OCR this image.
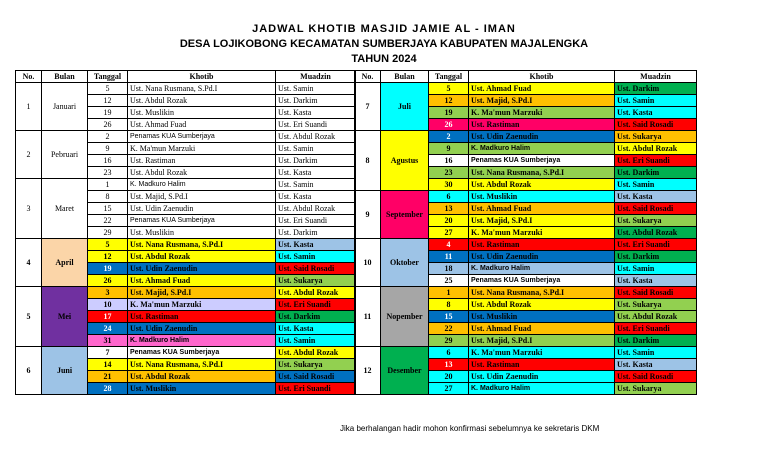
JADWAL KHOTIB MASJID JAMIE AL - IMAN
DESA LOJIKOBONG KECAMATAN SUMBERJAYA KABUPATEN MAJALENGKA
TAHUN 2024
No.	Bulan	Tanggal	Khotib	Muadzin
1	Januari	5	Ust. Nana Rusmana, S.Pd.I	Ust. Samin
		12	Ust. Abdul Rozak	Ust. Darkim
		19	Ust. Muslikin	Ust. Kasta
		26	Ust. Ahmad Fuad	Ust. Eri Suandi
2	Pebruari	2	Penamas KUA Sumberjaya	Ust. Abdul Rozak
		9	K. Ma'mun Marzuki	Ust. Samin
		16	Ust. Rastiman	Ust. Darkim
		23	Ust. Abdul Rozak	Ust. Kasta
3	Maret	1	K. Madkuro Halim	Ust. Samin
		8	Ust. Majid, S.Pd.I	Ust. Kasta
		15	Ust. Udin Zaenudin	Ust. Abdul Rozak
		22	Penamas KUA Sumberjaya	Ust. Eri Suandi
		29	Ust. Muslikin	Ust. Darkim
4	April	5	Ust. Nana Rusmana, S.Pd.I	Ust. Kasta
		12	Ust. Abdul Rozak	Ust. Samin
		19	Ust. Udin Zaenudin	Ust. Said Rosadi
		26	Ust. Ahmad Fuad	Ust. Sukarya
5	Mei	3	Ust. Majid, S.Pd.I	Ust. Abdul Rozak
		10	K. Ma'mun Marzuki	Ust. Eri Suandi
		17	Ust. Rastiman	Ust. Darkim
		24	Ust. Udin Zaenudin	Ust. Kasta
		31	K. Madkuro Halim	Ust. Samin
6	Juni	7	Penamas KUA Sumberjaya	Ust. Abdul Rozak
		14	Ust. Nana Rusmana, S.Pd.I	Ust. Sukarya
		21	Ust. Abdul Rozak	Ust. Said Rosadi
		28	Ust. Muslikin	Ust. Eri Suandi
No.	Bulan	Tanggal	Khotib	Muadzin
7	Juli	5	Ust. Ahmad Fuad	Ust. Darkim
		12	Ust. Majid, S.Pd.I	Ust. Samin
		19	K. Ma'mun Marzuki	Ust. Kasta
		26	Ust. Rastiman	Ust. Said Rosadi
8	Agustus	2	Ust. Udin Zaenudin	Ust. Sukarya
		9	K. Madkuro Halim	Ust. Abdul Rozak
		16	Penamas KUA Sumberjaya	Ust. Eri Suandi
		23	Ust. Nana Rusmana, S.Pd.I	Ust. Darkim
		30	Ust. Abdul Rozak	Ust. Samin
9	September	6	Ust. Muslikin	Ust. Kasta
		13	Ust. Ahmad Fuad	Ust. Said Rosadi
		20	Ust. Majid, S.Pd.I	Ust. Sukarya
		27	K. Ma'mun Marzuki	Ust. Abdul Rozak
10	Oktober	4	Ust. Rastiman	Ust. Eri Suandi
		11	Ust. Udin Zaenudin	Ust. Darkim
		18	K. Madkuro Halim	Ust. Samin
		25	Penamas KUA Sumberjaya	Ust. Kasta
11	Nopember	1	Ust. Nana Rusmana, S.Pd.I	Ust. Said Rosadi
		8	Ust. Abdul Rozak	Ust. Sukarya
		15	Ust. Muslikin	Ust. Abdul Rozak
		22	Ust. Ahmad Fuad	Ust. Eri Suandi
		29	Ust. Majid, S.Pd.I	Ust. Darkim
12	Desember	6	K. Ma'mun Marzuki	Ust. Samin
		13	Ust. Rastiman	Ust. Kasta
		20	Ust. Udin Zaenudin	Ust. Said Rosadi
		27	K. Madkuro Halim	Ust. Sukarya
Jika berhalangan hadir mohon konfirmasi sebelumnya ke sekretaris DKM
